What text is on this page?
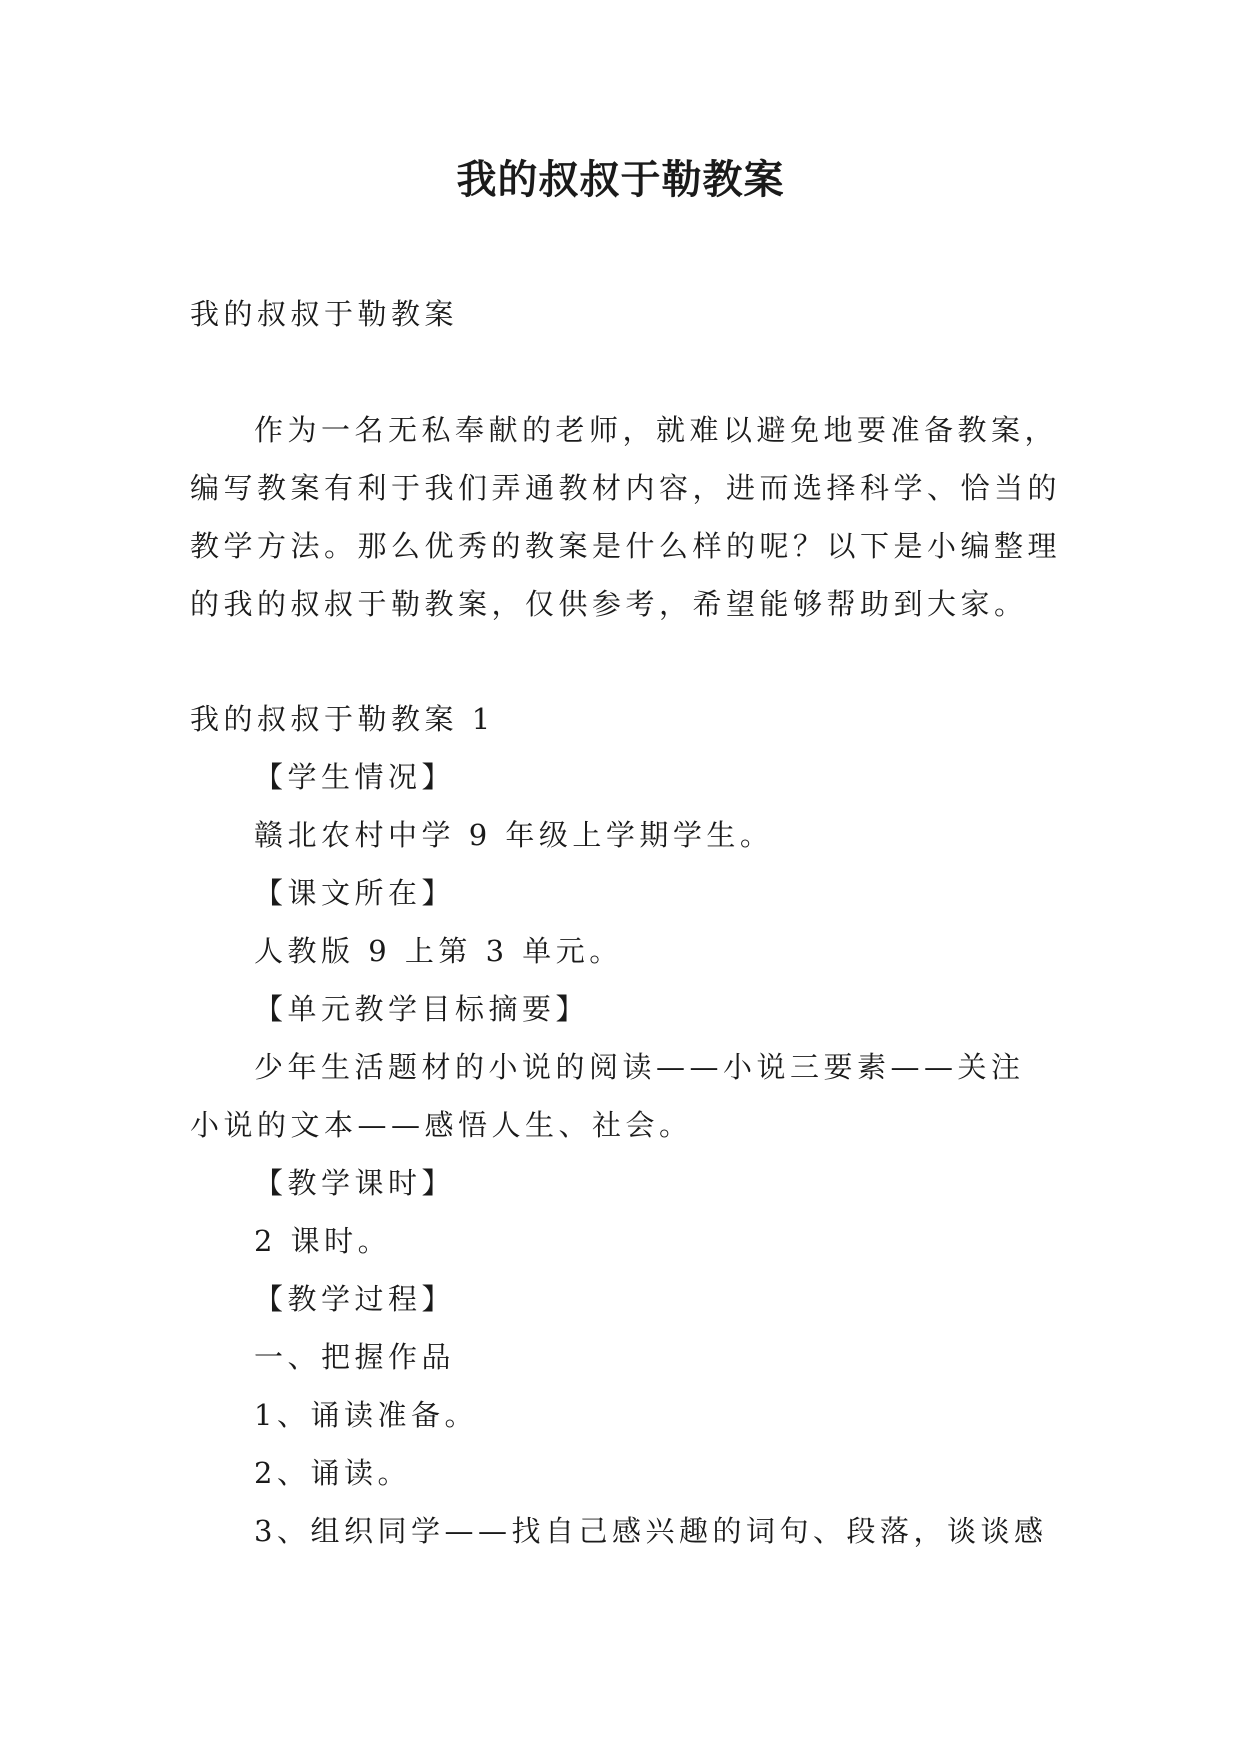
我的叔叔于勒教案
我的叔叔于勒教案
作为一名无私奉献的老师，就难以避免地要准备教案，
编写教案有利于我们弄通教材内容，进而选择科学、恰当的
教学方法。那么优秀的教案是什么样的呢？以下是小编整理
的我的叔叔于勒教案，仅供参考，希望能够帮助到大家。
我的叔叔于勒教案 1
【学生情况】
赣北农村中学 9 年级上学期学生。
【课文所在】
人教版 9 上第 3 单元。
【单元教学目标摘要】
少年生活题材的小说的阅读——小说三要素——关注
小说的文本——感悟人生、社会。
【教学课时】
2 课时。
【教学过程】
一、把握作品
1、诵读准备。
2、诵读。
3、组织同学——找自己感兴趣的词句、段落，谈谈感
